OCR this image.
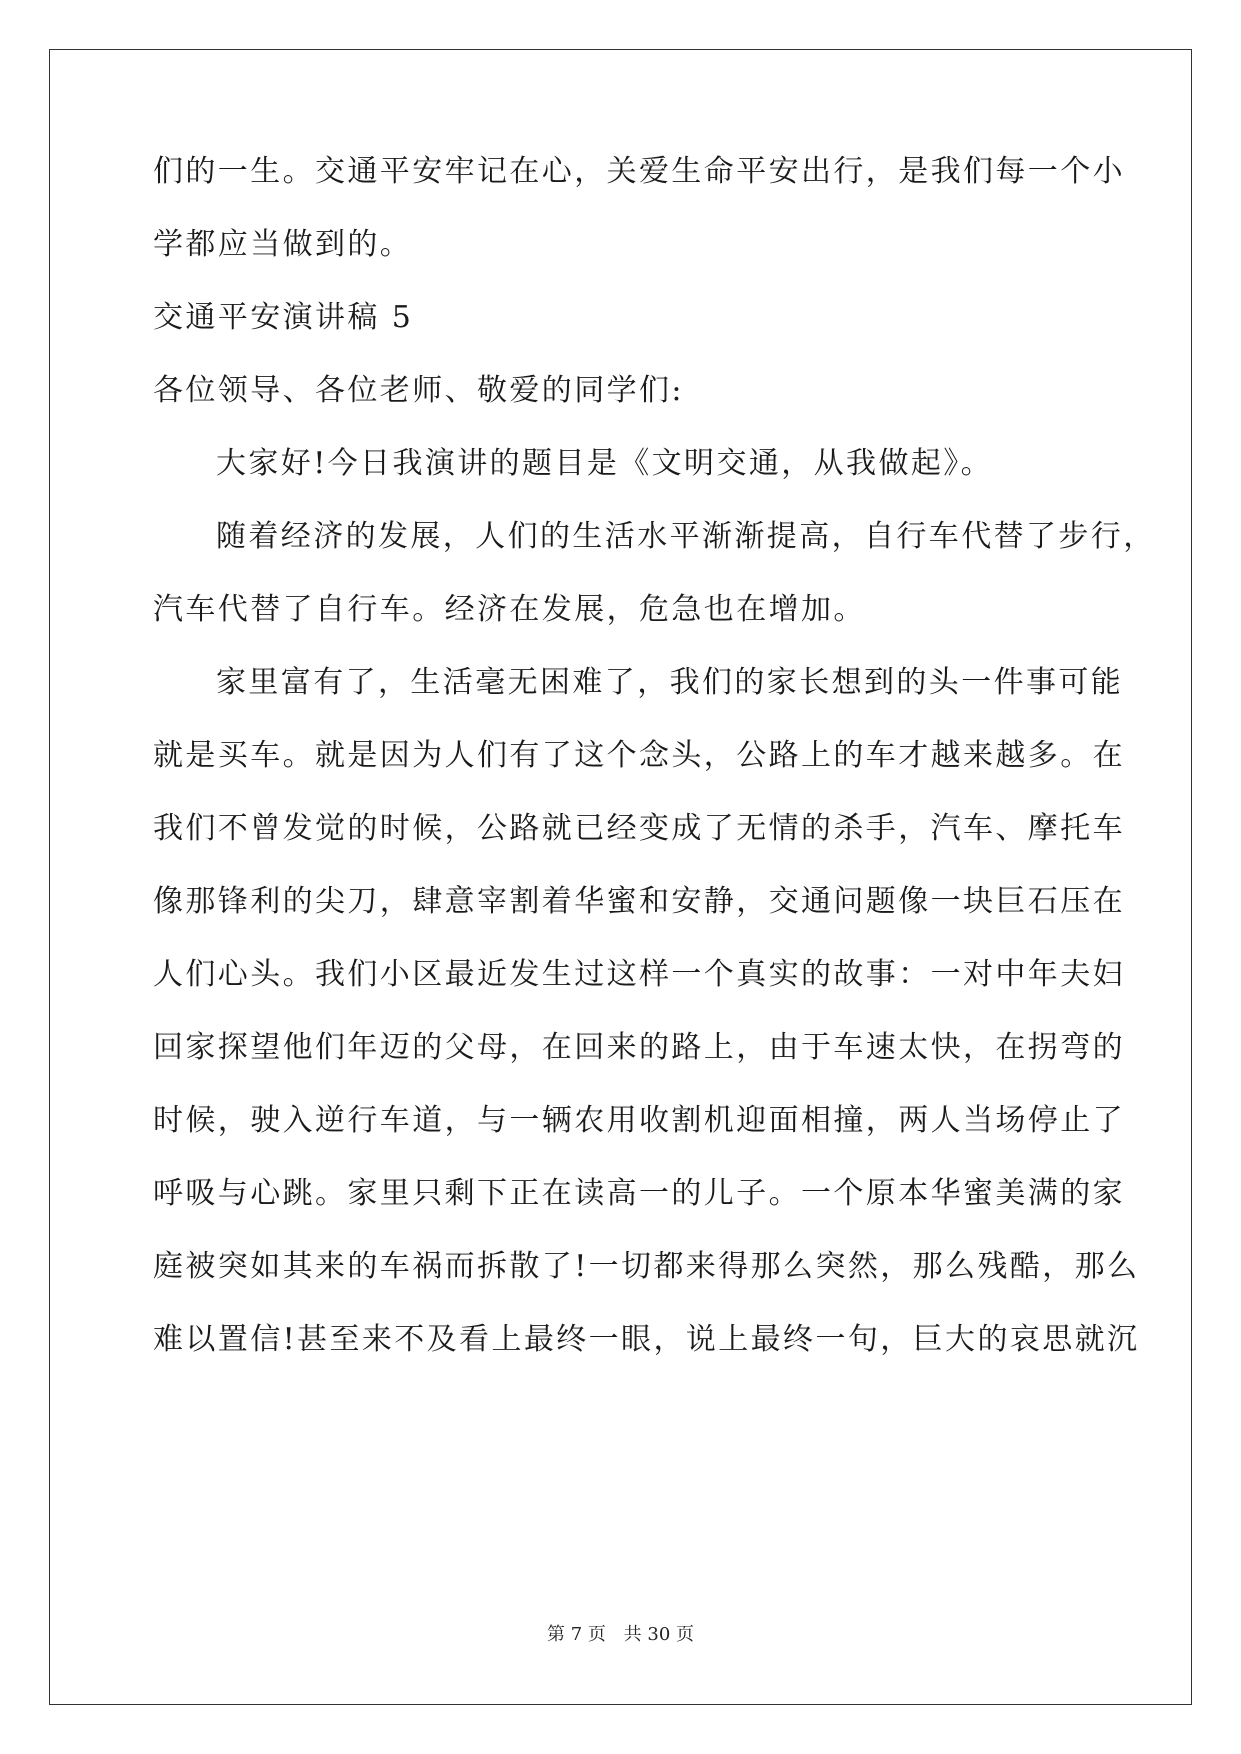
们的一生。交通平安牢记在心，关爱生命平安出行，是我们每一个小
学都应当做到的。
交通平安演讲稿 5
各位领导、各位老师、敬爱的同学们:
大家好!今日我演讲的题目是《文明交通，从我做起》。
随着经济的发展，人们的生活水平渐渐提高，自行车代替了步行，
汽车代替了自行车。经济在发展，危急也在增加。
家里富有了，生活毫无困难了，我们的家长想到的头一件事可能
就是买车。就是因为人们有了这个念头，公路上的车才越来越多。在
我们不曾发觉的时候，公路就已经变成了无情的杀手，汽车、摩托车
像那锋利的尖刀，肆意宰割着华蜜和安静，交通问题像一块巨石压在
人们心头。我们小区最近发生过这样一个真实的故事：一对中年夫妇
回家探望他们年迈的父母，在回来的路上，由于车速太快，在拐弯的
时候，驶入逆行车道，与一辆农用收割机迎面相撞，两人当场停止了
呼吸与心跳。家里只剩下正在读高一的儿子。一个原本华蜜美满的家
庭被突如其来的车祸而拆散了!一切都来得那么突然，那么残酷，那么
难以置信!甚至来不及看上最终一眼，说上最终一句，巨大的哀思就沉
第 7 页 共 30 页
